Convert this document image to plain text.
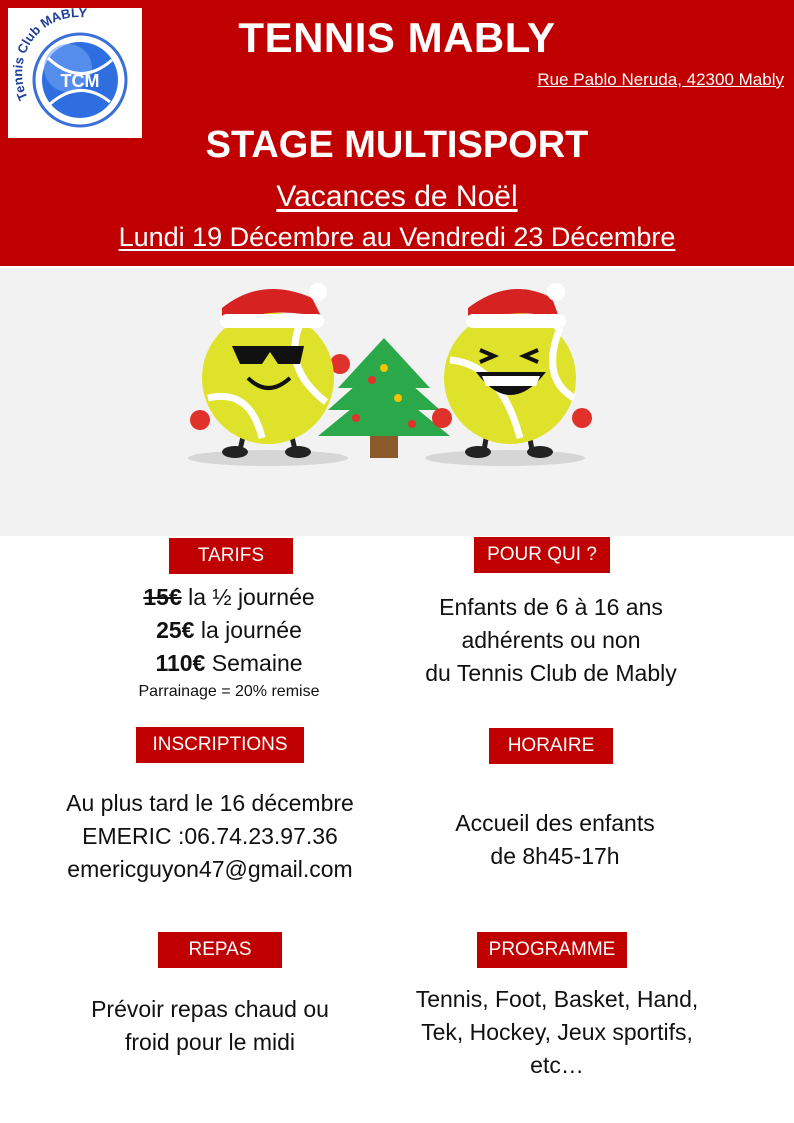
TCM
Tennis Club MABLY
TENNIS MABLY
Rue Pablo Neruda, 42300 Mably
STAGE MULTISPORT
Vacances de Noël
Lundi 19 Décembre au Vendredi 23 Décembre
TARIFS
15€ la ½ journée
25€ la journée
110€ Semaine
Parrainage = 20% remise
POUR QUI ?
Enfants de 6 à 16 ans
adhérents ou non
du Tennis Club de Mably
INSCRIPTIONS
Au plus tard le 16 décembre
EMERIC :06.74.23.97.36
emericguyon47@gmail.com
HORAIRE
Accueil des enfants
de 8h45-17h
REPAS
Prévoir repas chaud ou
froid pour le midi
PROGRAMME
Tennis, Foot, Basket, Hand,
Tek, Hockey, Jeux sportifs,
etc…
